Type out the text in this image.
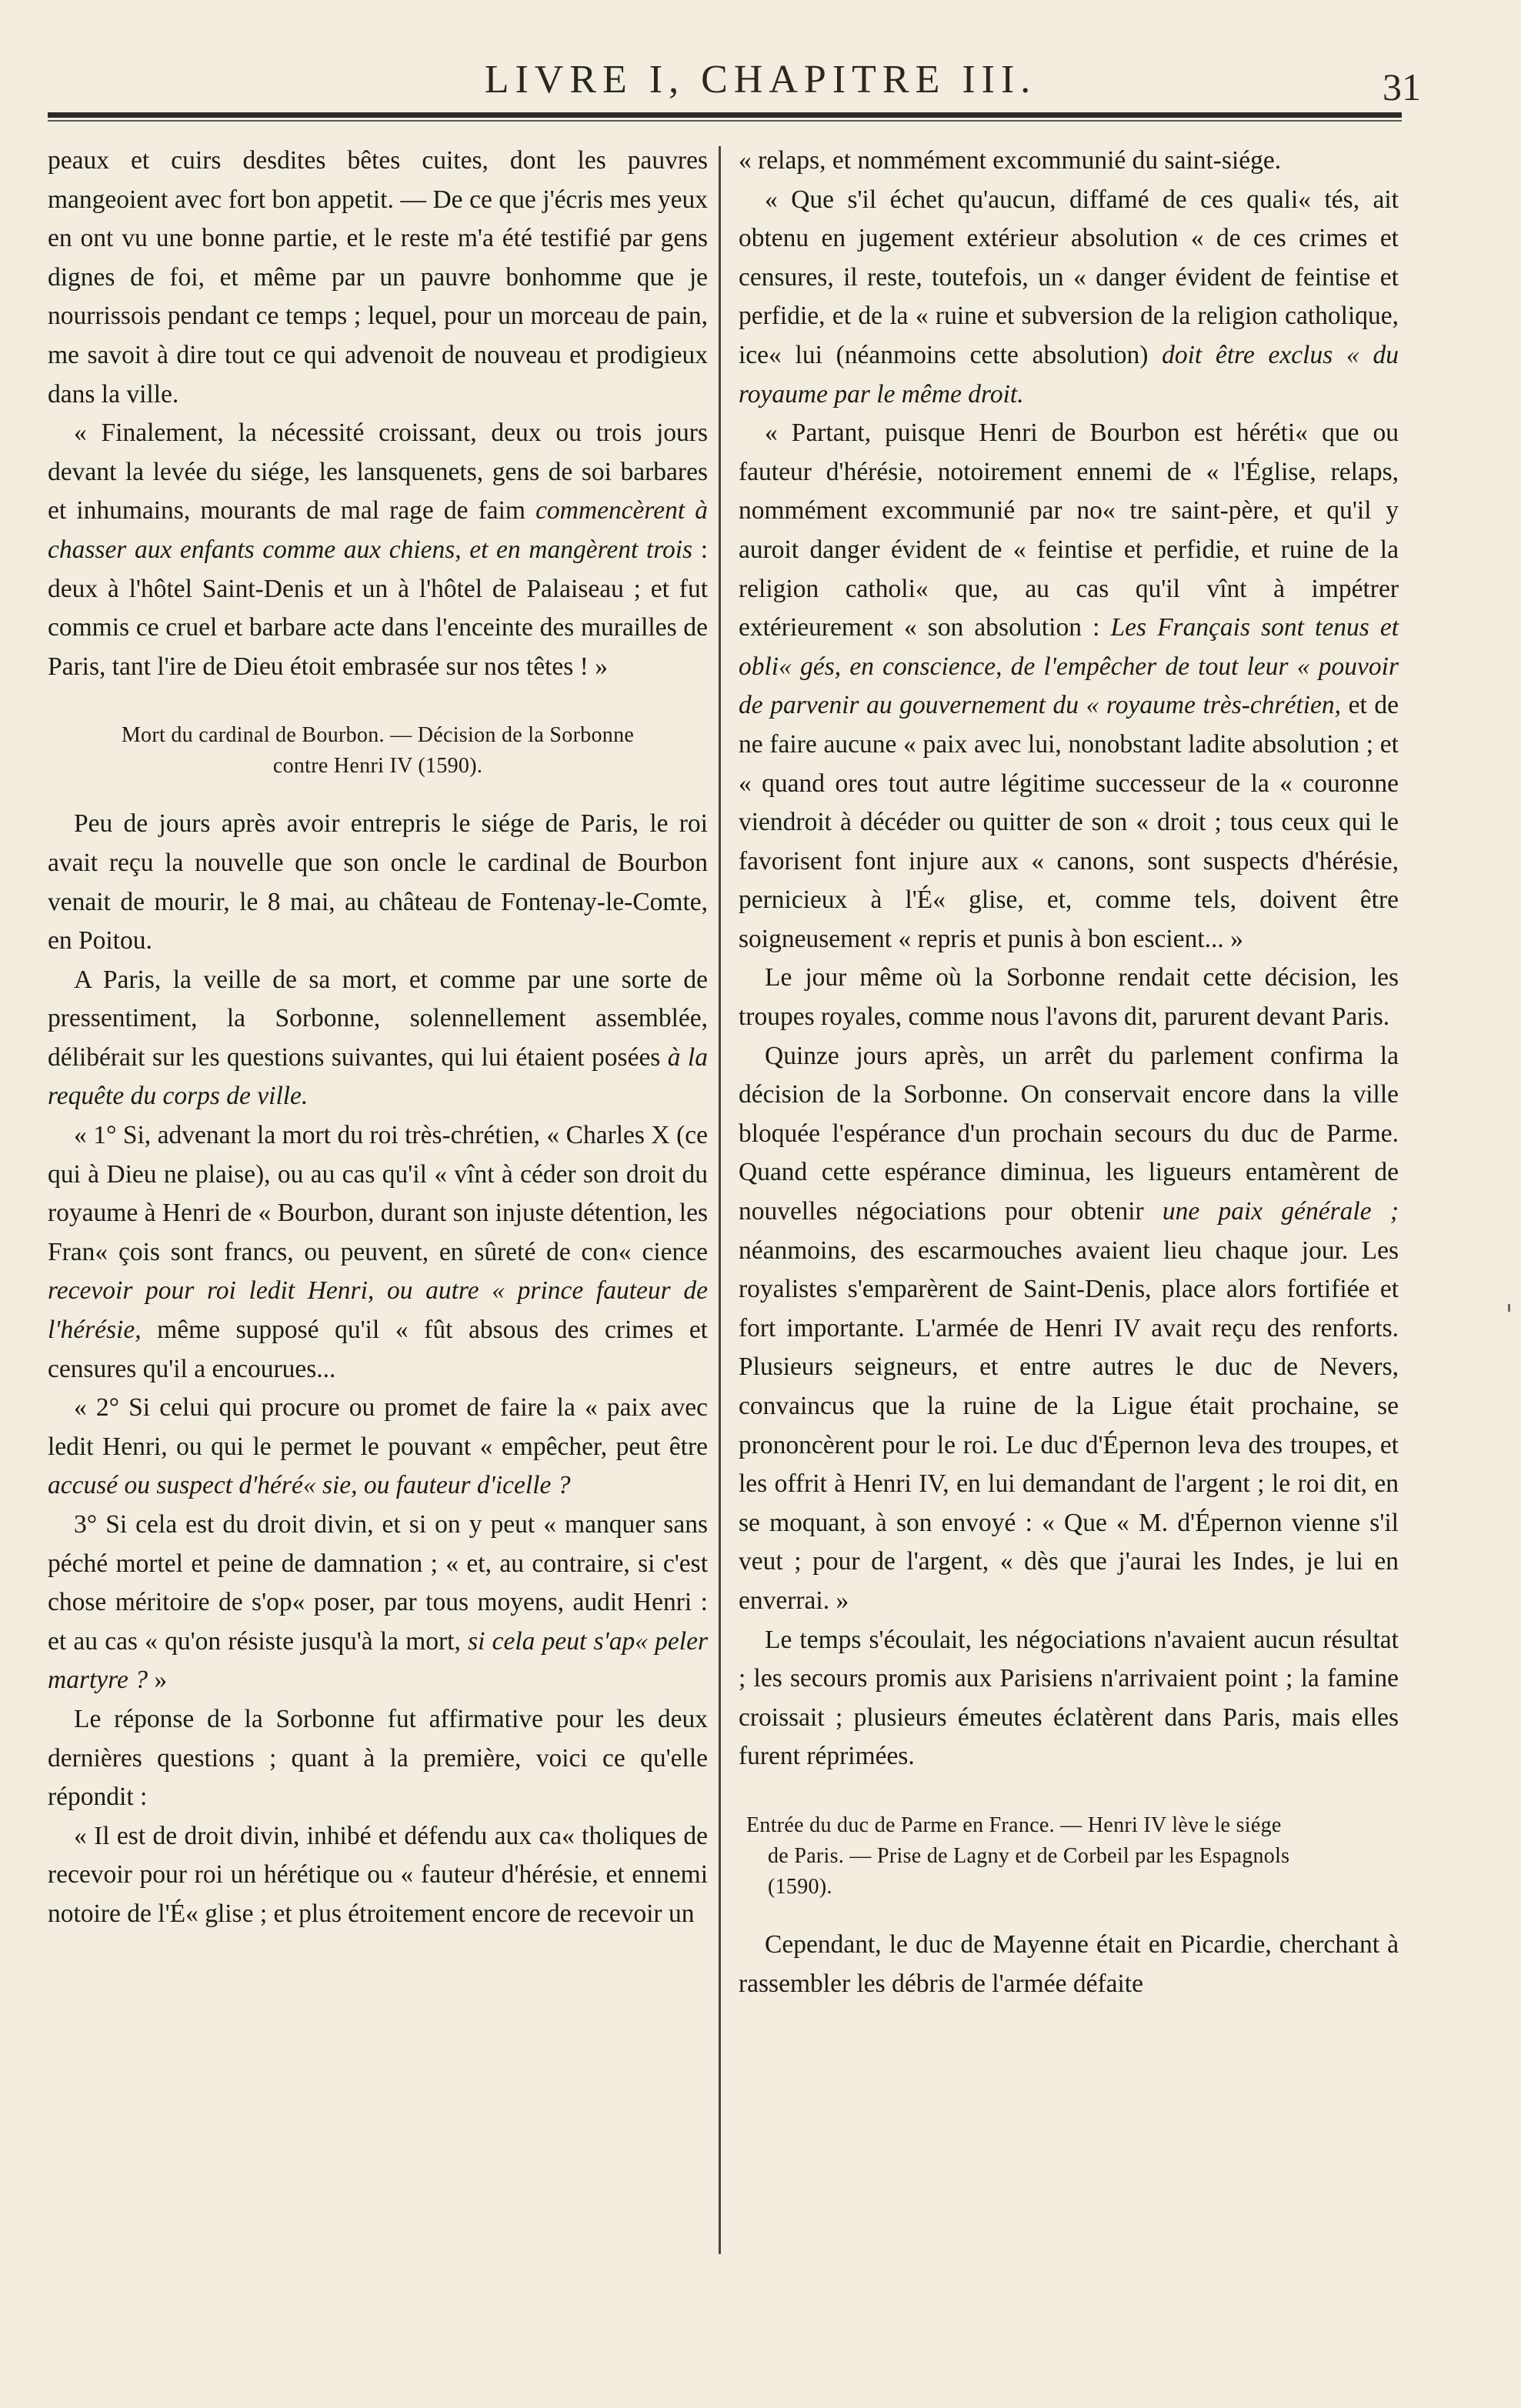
LIVRE I, CHAPITRE III.	31

peaux et cuirs desdites bêtes cuites, dont les pauvres mangeoient avec fort bon appetit. — De ce que j'écris mes yeux en ont vu une bonne partie, et le reste m'a été testifié par gens dignes de foi, et même par un pauvre bonhomme que je nourrissois pendant ce temps ; lequel, pour un morceau de pain, me savoit à dire tout ce qui advenoit de nouveau et prodigieux dans la ville.

« Finalement, la nécessité croissant, deux ou trois jours devant la levée du siége, les lansquenets, gens de soi barbares et inhumains, mourants de mal rage de faim commencèrent à chasser aux enfants comme aux chiens, et en mangèrent trois : deux à l'hôtel Saint-Denis et un à l'hôtel de Palaiseau ; et fut commis ce cruel et barbare acte dans l'enceinte des murailles de Paris, tant l'ire de Dieu étoit embrasée sur nos têtes ! »

Mort du cardinal de Bourbon. — Décision de la Sorbonne
contre Henri IV (1590).

Peu de jours après avoir entrepris le siége de Paris, le roi avait reçu la nouvelle que son oncle le cardinal de Bourbon venait de mourir, le 8 mai, au château de Fontenay-le-Comte, en Poitou.

A Paris, la veille de sa mort, et comme par une sorte de pressentiment, la Sorbonne, solennellement assemblée, délibérait sur les questions suivantes, qui lui étaient posées à la requête du corps de ville.

« 1° Si, advenant la mort du roi très-chrétien, « Charles X (ce qui à Dieu ne plaise), ou au cas qu'il « vînt à céder son droit du royaume à Henri de « Bourbon, durant son injuste détention, les Fran« çois sont francs, ou peuvent, en sûreté de con« cience recevoir pour roi ledit Henri, ou autre « prince fauteur de l'hérésie, même supposé qu'il « fût absous des crimes et censures qu'il a encourues...

« 2° Si celui qui procure ou promet de faire la « paix avec ledit Henri, ou qui le permet le pouvant « empêcher, peut être accusé ou suspect d'héré« sie, ou fauteur d'icelle ?

3° Si cela est du droit divin, et si on y peut « manquer sans péché mortel et peine de damnation ; « et, au contraire, si c'est chose méritoire de s'op« poser, par tous moyens, audit Henri : et au cas « qu'on résiste jusqu'à la mort, si cela peut s'ap« peler martyre ? »

Le réponse de la Sorbonne fut affirmative pour les deux dernières questions ; quant à la première, voici ce qu'elle répondit :

« Il est de droit divin, inhibé et défendu aux ca« tholiques de recevoir pour roi un hérétique ou « fauteur d'hérésie, et ennemi notoire de l'É« glise ; et plus étroitement encore de recevoir un

« relaps, et nommément excommunié du saint-siége.

« Que s'il échet qu'aucun, diffamé de ces quali« tés, ait obtenu en jugement extérieur absolution « de ces crimes et censures, il reste, toutefois, un « danger évident de feintise et perfidie, et de la « ruine et subversion de la religion catholique, ice« lui (néanmoins cette absolution) doit être exclus « du royaume par le même droit.

« Partant, puisque Henri de Bourbon est héréti« que ou fauteur d'hérésie, notoirement ennemi de « l'Église, relaps, nommément excommunié par no« tre saint-père, et qu'il y auroit danger évident de « feintise et perfidie, et ruine de la religion catholi« que, au cas qu'il vînt à impétrer extérieurement « son absolution : Les Français sont tenus et obli« gés, en conscience, de l'empêcher de tout leur « pouvoir de parvenir au gouvernement du « royaume très-chrétien, et de ne faire aucune « paix avec lui, nonobstant ladite absolution ; et « quand ores tout autre légitime successeur de la « couronne viendroit à décéder ou quitter de son « droit ; tous ceux qui le favorisent font injure aux « canons, sont suspects d'hérésie, pernicieux à l'É« glise, et, comme tels, doivent être soigneusement « repris et punis à bon escient... »

Le jour même où la Sorbonne rendait cette décision, les troupes royales, comme nous l'avons dit, parurent devant Paris.

Quinze jours après, un arrêt du parlement confirma la décision de la Sorbonne. On conservait encore dans la ville bloquée l'espérance d'un prochain secours du duc de Parme. Quand cette espérance diminua, les ligueurs entamèrent de nouvelles négociations pour obtenir une paix générale ; néanmoins, des escarmouches avaient lieu chaque jour. Les royalistes s'emparèrent de Saint-Denis, place alors fortifiée et fort importante. L'armée de Henri IV avait reçu des renforts. Plusieurs seigneurs, et entre autres le duc de Nevers, convaincus que la ruine de la Ligue était prochaine, se prononcèrent pour le roi. Le duc d'Épernon leva des troupes, et les offrit à Henri IV, en lui demandant de l'argent ; le roi dit, en se moquant, à son envoyé : « Que « M. d'Épernon vienne s'il veut ; pour de l'argent, « dès que j'aurai les Indes, je lui en enverrai. »

Le temps s'écoulait, les négociations n'avaient aucun résultat ; les secours promis aux Parisiens n'arrivaient point ; la famine croissait ; plusieurs émeutes éclatèrent dans Paris, mais elles furent réprimées.

Entrée du duc de Parme en France. — Henri IV lève le siége

de Paris. — Prise de Lagny et de Corbeil par les Espagnols
(1590).

Cependant, le duc de Mayenne était en Picardie, cherchant à rassembler les débris de l'armée défaite
